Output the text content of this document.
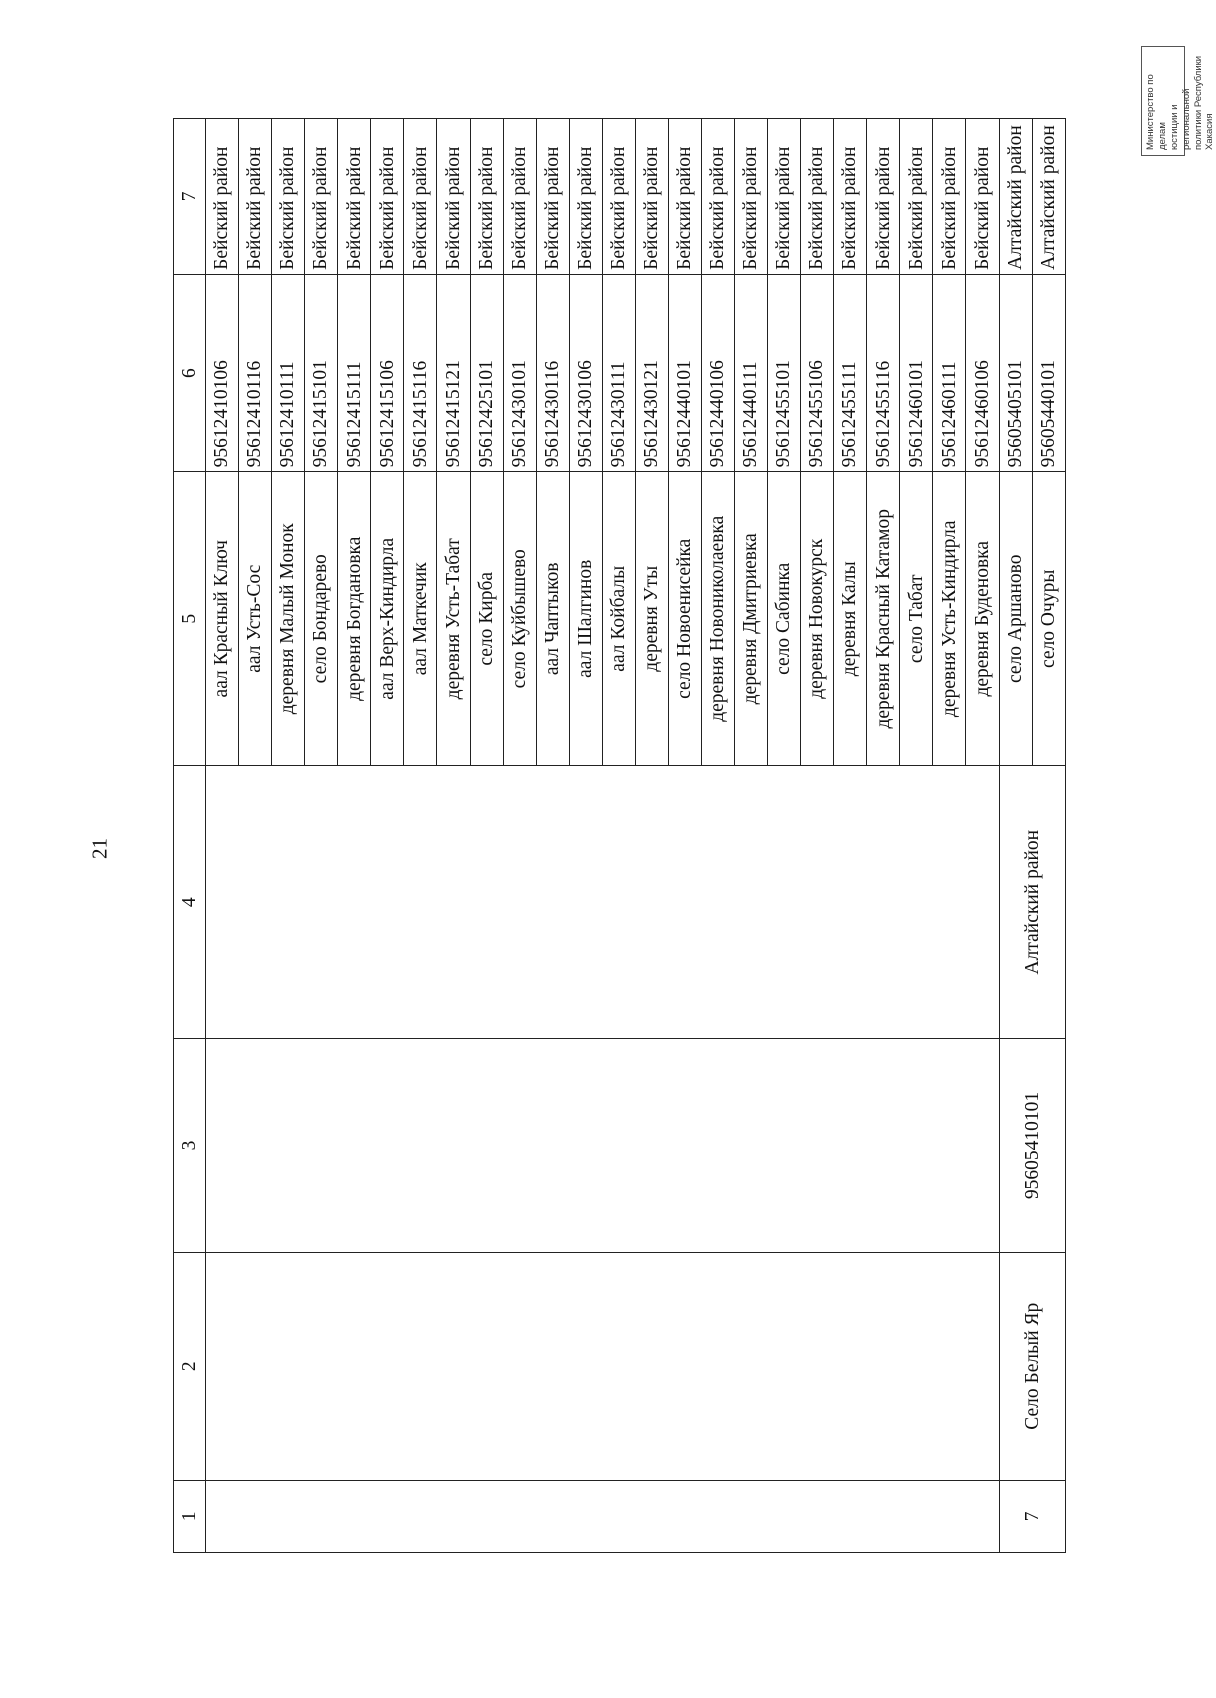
21
1	2	3	4	5	6	7
				аал Красный Ключ	95612410106	Бейский район
				аал Усть-Сос	95612410116	Бейский район
				деревня Малый Монок	95612410111	Бейский район
				село Бондарево	95612415101	Бейский район
				деревня Богдановка	95612415111	Бейский район
				аал Верх-Киндирла	95612415106	Бейский район
				аал Маткечик	95612415116	Бейский район
				деревня Усть-Табат	95612415121	Бейский район
				село Кирба	95612425101	Бейский район
				село Куйбышево	95612430101	Бейский район
				аал Чаптыков	95612430116	Бейский район
				аал Шалгинов	95612430106	Бейский район
				аал Койбалы	95612430111	Бейский район
				деревня Уты	95612430121	Бейский район
				село Новоенисейка	95612440101	Бейский район
				деревня Новониколаевка	95612440106	Бейский район
				деревня Дмитриевка	95612440111	Бейский район
				село Сабинка	95612455101	Бейский район
				деревня Новокурск	95612455106	Бейский район
				деревня Калы	95612455111	Бейский район
				деревня Красный Катамор	95612455116	Бейский район
				село Табат	95612460101	Бейский район
				деревня Усть-Киндирла	95612460111	Бейский район
				деревня Буденовка	95612460106	Бейский район
7	Село Белый Яр	95605410101	Алтайский район	село Аршаново	95605405101	Алтайский район
				село Очуры	95605440101	Алтайский район
Министерство по делам юстиции и региональной политики Республики Хакасия
